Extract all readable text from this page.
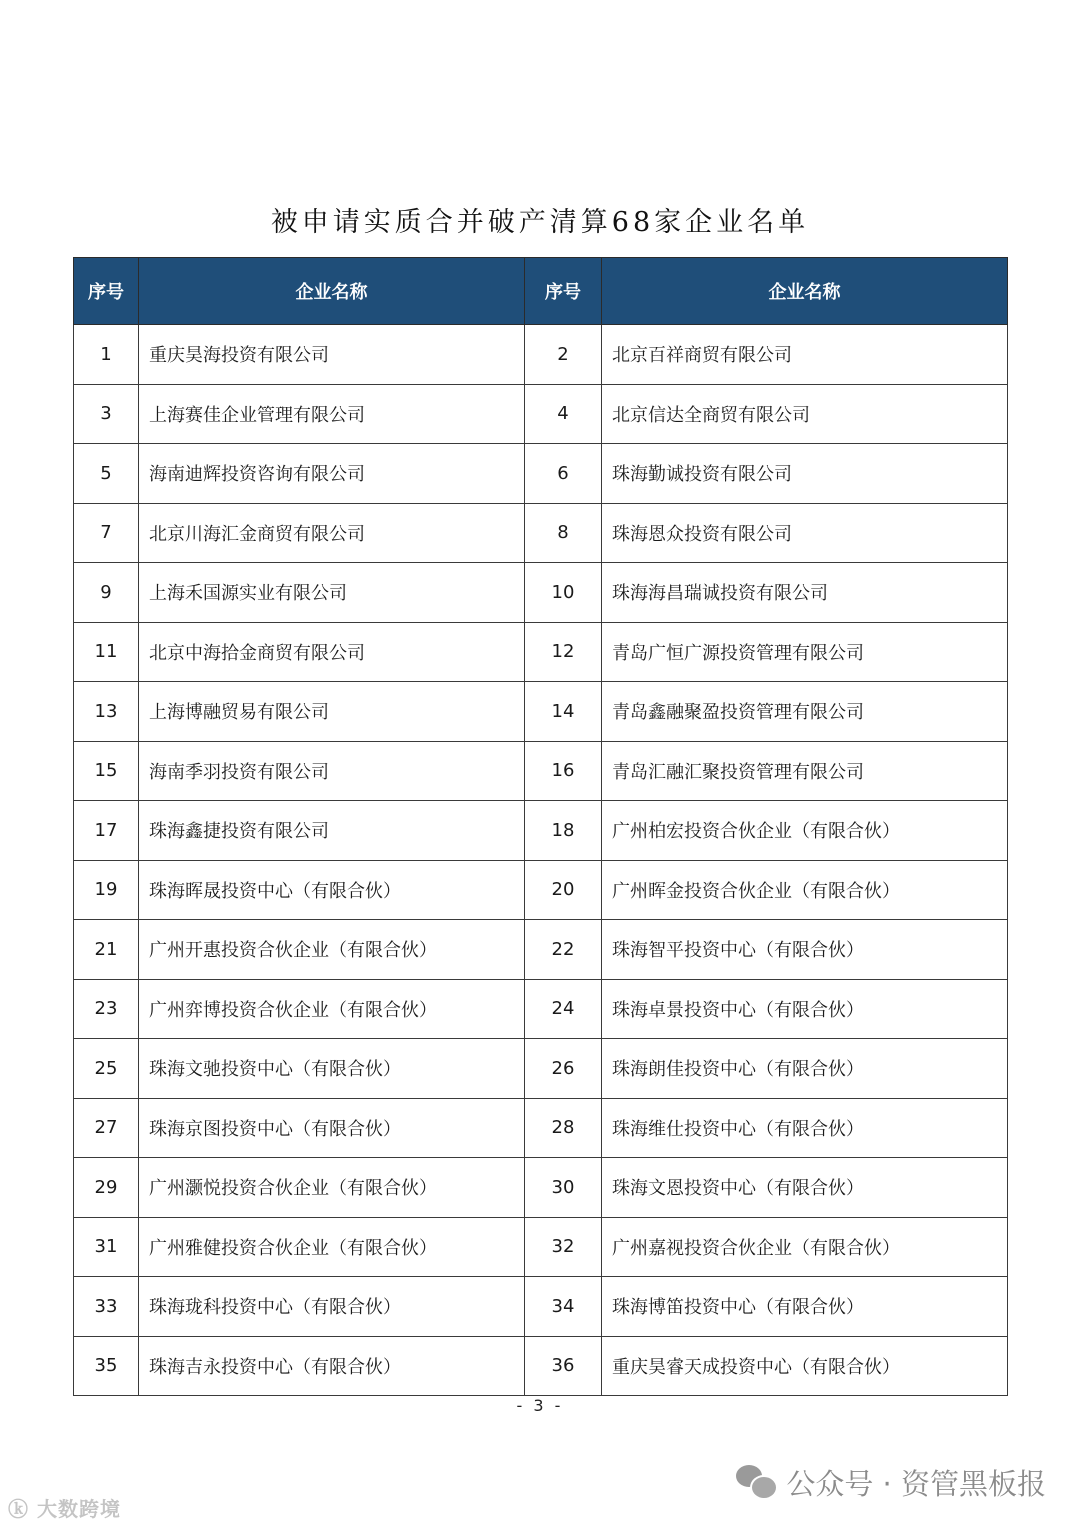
被申请实质合并破产清算68家企业名单
序号	企业名称	序号	企业名称
1	重庆昊海投资有限公司	2	北京百祥商贸有限公司
3	上海赛佳企业管理有限公司	4	北京信达全商贸有限公司
5	海南迪辉投资咨询有限公司	6	珠海勤诚投资有限公司
7	北京川海汇金商贸有限公司	8	珠海恩众投资有限公司
9	上海禾国源实业有限公司	10	珠海海昌瑞诚投资有限公司
11	北京中海拾金商贸有限公司	12	青岛广恒广源投资管理有限公司
13	上海博融贸易有限公司	14	青岛鑫融聚盈投资管理有限公司
15	海南季羽投资有限公司	16	青岛汇融汇聚投资管理有限公司
17	珠海鑫捷投资有限公司	18	广州柏宏投资合伙企业（有限合伙）
19	珠海晖晟投资中心（有限合伙）	20	广州晖金投资合伙企业（有限合伙）
21	广州开惠投资合伙企业（有限合伙）	22	珠海智平投资中心（有限合伙）
23	广州弈博投资合伙企业（有限合伙）	24	珠海卓景投资中心（有限合伙）
25	珠海文驰投资中心（有限合伙）	26	珠海朗佳投资中心（有限合伙）
27	珠海京图投资中心（有限合伙）	28	珠海维仕投资中心（有限合伙）
29	广州灏悦投资合伙企业（有限合伙）	30	珠海文恩投资中心（有限合伙）
31	广州雅健投资合伙企业（有限合伙）	32	广州嘉视投资合伙企业（有限合伙）
33	珠海珑科投资中心（有限合伙）	34	珠海博笛投资中心（有限合伙）
35	珠海吉永投资中心（有限合伙）	36	重庆昊睿天成投资中心（有限合伙）
- 3 -
公众号 · 资管黑板报
ⓚ 大数跨境
